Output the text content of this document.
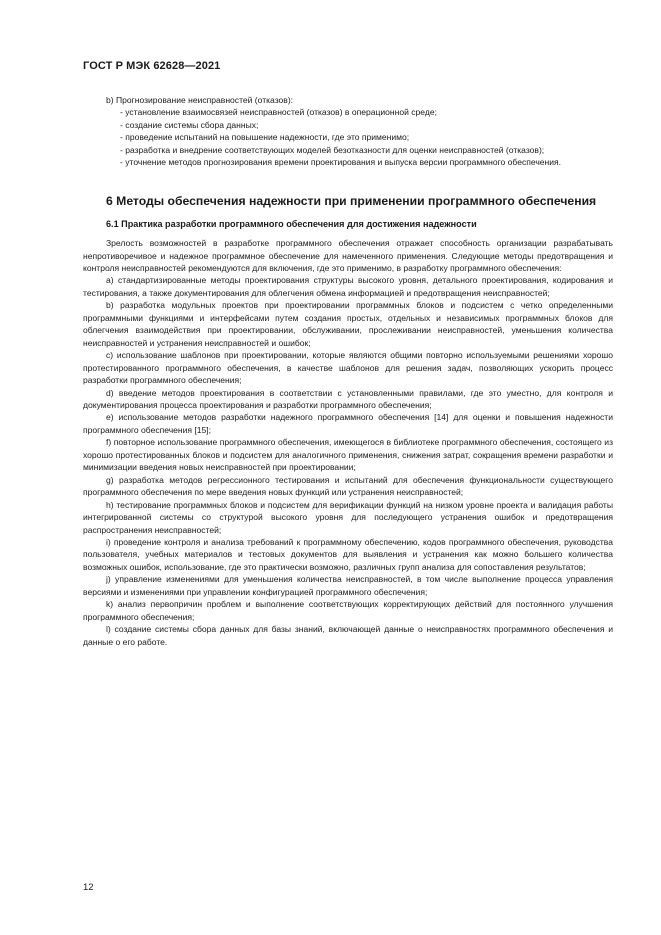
ГОСТ Р МЭК 62628—2021

b) Прогнозирование неисправностей (отказов):

- установление взаимосвязей неисправностей (отказов) в операционной среде;

- создание системы сбора данных;

- проведение испытаний на повышение надежности, где это применимо;

- разработка и внедрение соответствующих моделей безотказности для оценки неисправностей (отказов);

- уточнение методов прогнозирования времени проектирования и выпуска версии программного обеспечения.

6 Методы обеспечения надежности при применении программного обеспечения
6.1 Практика разработки программного обеспечения для достижения надежности

Зрелость возможностей в разработке программного обеспечения отражает способность организации разрабатывать непротиворечивое и надежное программное обеспечение для намеченного применения. Следующие методы предотвращения и контроля неисправностей рекомендуются для включения, где это применимо, в разработку программного обеспечения:

a) стандартизированные методы проектирования структуры высокого уровня, детального проектирования, кодирования и тестирования, а также документирования для облегчения обмена информацией и предотвращения неисправностей;

b) разработка модульных проектов при проектировании программных блоков и подсистем с четко определенными программными функциями и интерфейсами путем создания простых, отдельных и независимых программных блоков для облегчения взаимодействия при проектировании, обслуживании, прослеживании неисправностей, уменьшения количества неисправностей и устранения неисправностей и ошибок;

c) использование шаблонов при проектировании, которые являются общими повторно используемыми решениями хорошо протестированного программного обеспечения, в качестве шаблонов для решения задач, позволяющих ускорить процесс разработки программного обеспечения;

d) введение методов проектирования в соответствии с установленными правилами, где это уместно, для контроля и документирования процесса проектирования и разработки программного обеспечения;

e) использование методов разработки надежного программного обеспечения [14] для оценки и повышения надежности программного обеспечения [15];

f) повторное использование программного обеспечения, имеющегося в библиотеке программного обеспечения, состоящего из хорошо протестированных блоков и подсистем для аналогичного применения, снижения затрат, сокращения времени разработки и минимизации введения новых неисправностей при проектировании;

g) разработка методов регрессионного тестирования и испытаний для обеспечения функциональности существующего программного обеспечения по мере введения новых функций или устранения неисправностей;

h) тестирование программных блоков и подсистем для верификации функций на низком уровне проекта и валидация работы интегрированной системы со структурой высокого уровня для последующего устранения ошибок и предотвращения распространения неисправностей;

i) проведение контроля и анализа требований к программному обеспечению, кодов программного обеспечения, руководства пользователя, учебных материалов и тестовых документов для выявления и устранения как можно большего количества возможных ошибок, использование, где это практически возможно, различных групп анализа для сопоставления результатов;

j) управление изменениями для уменьшения количества неисправностей, в том числе выполнение процесса управления версиями и изменениями при управлении конфигурацией программного обеспечения;

k) анализ первопричин проблем и выполнение соответствующих корректирующих действий для постоянного улучшения программного обеспечения;

l) создание системы сбора данных для базы знаний, включающей данные о неисправностях программного обеспечения и данные о его работе.

12
